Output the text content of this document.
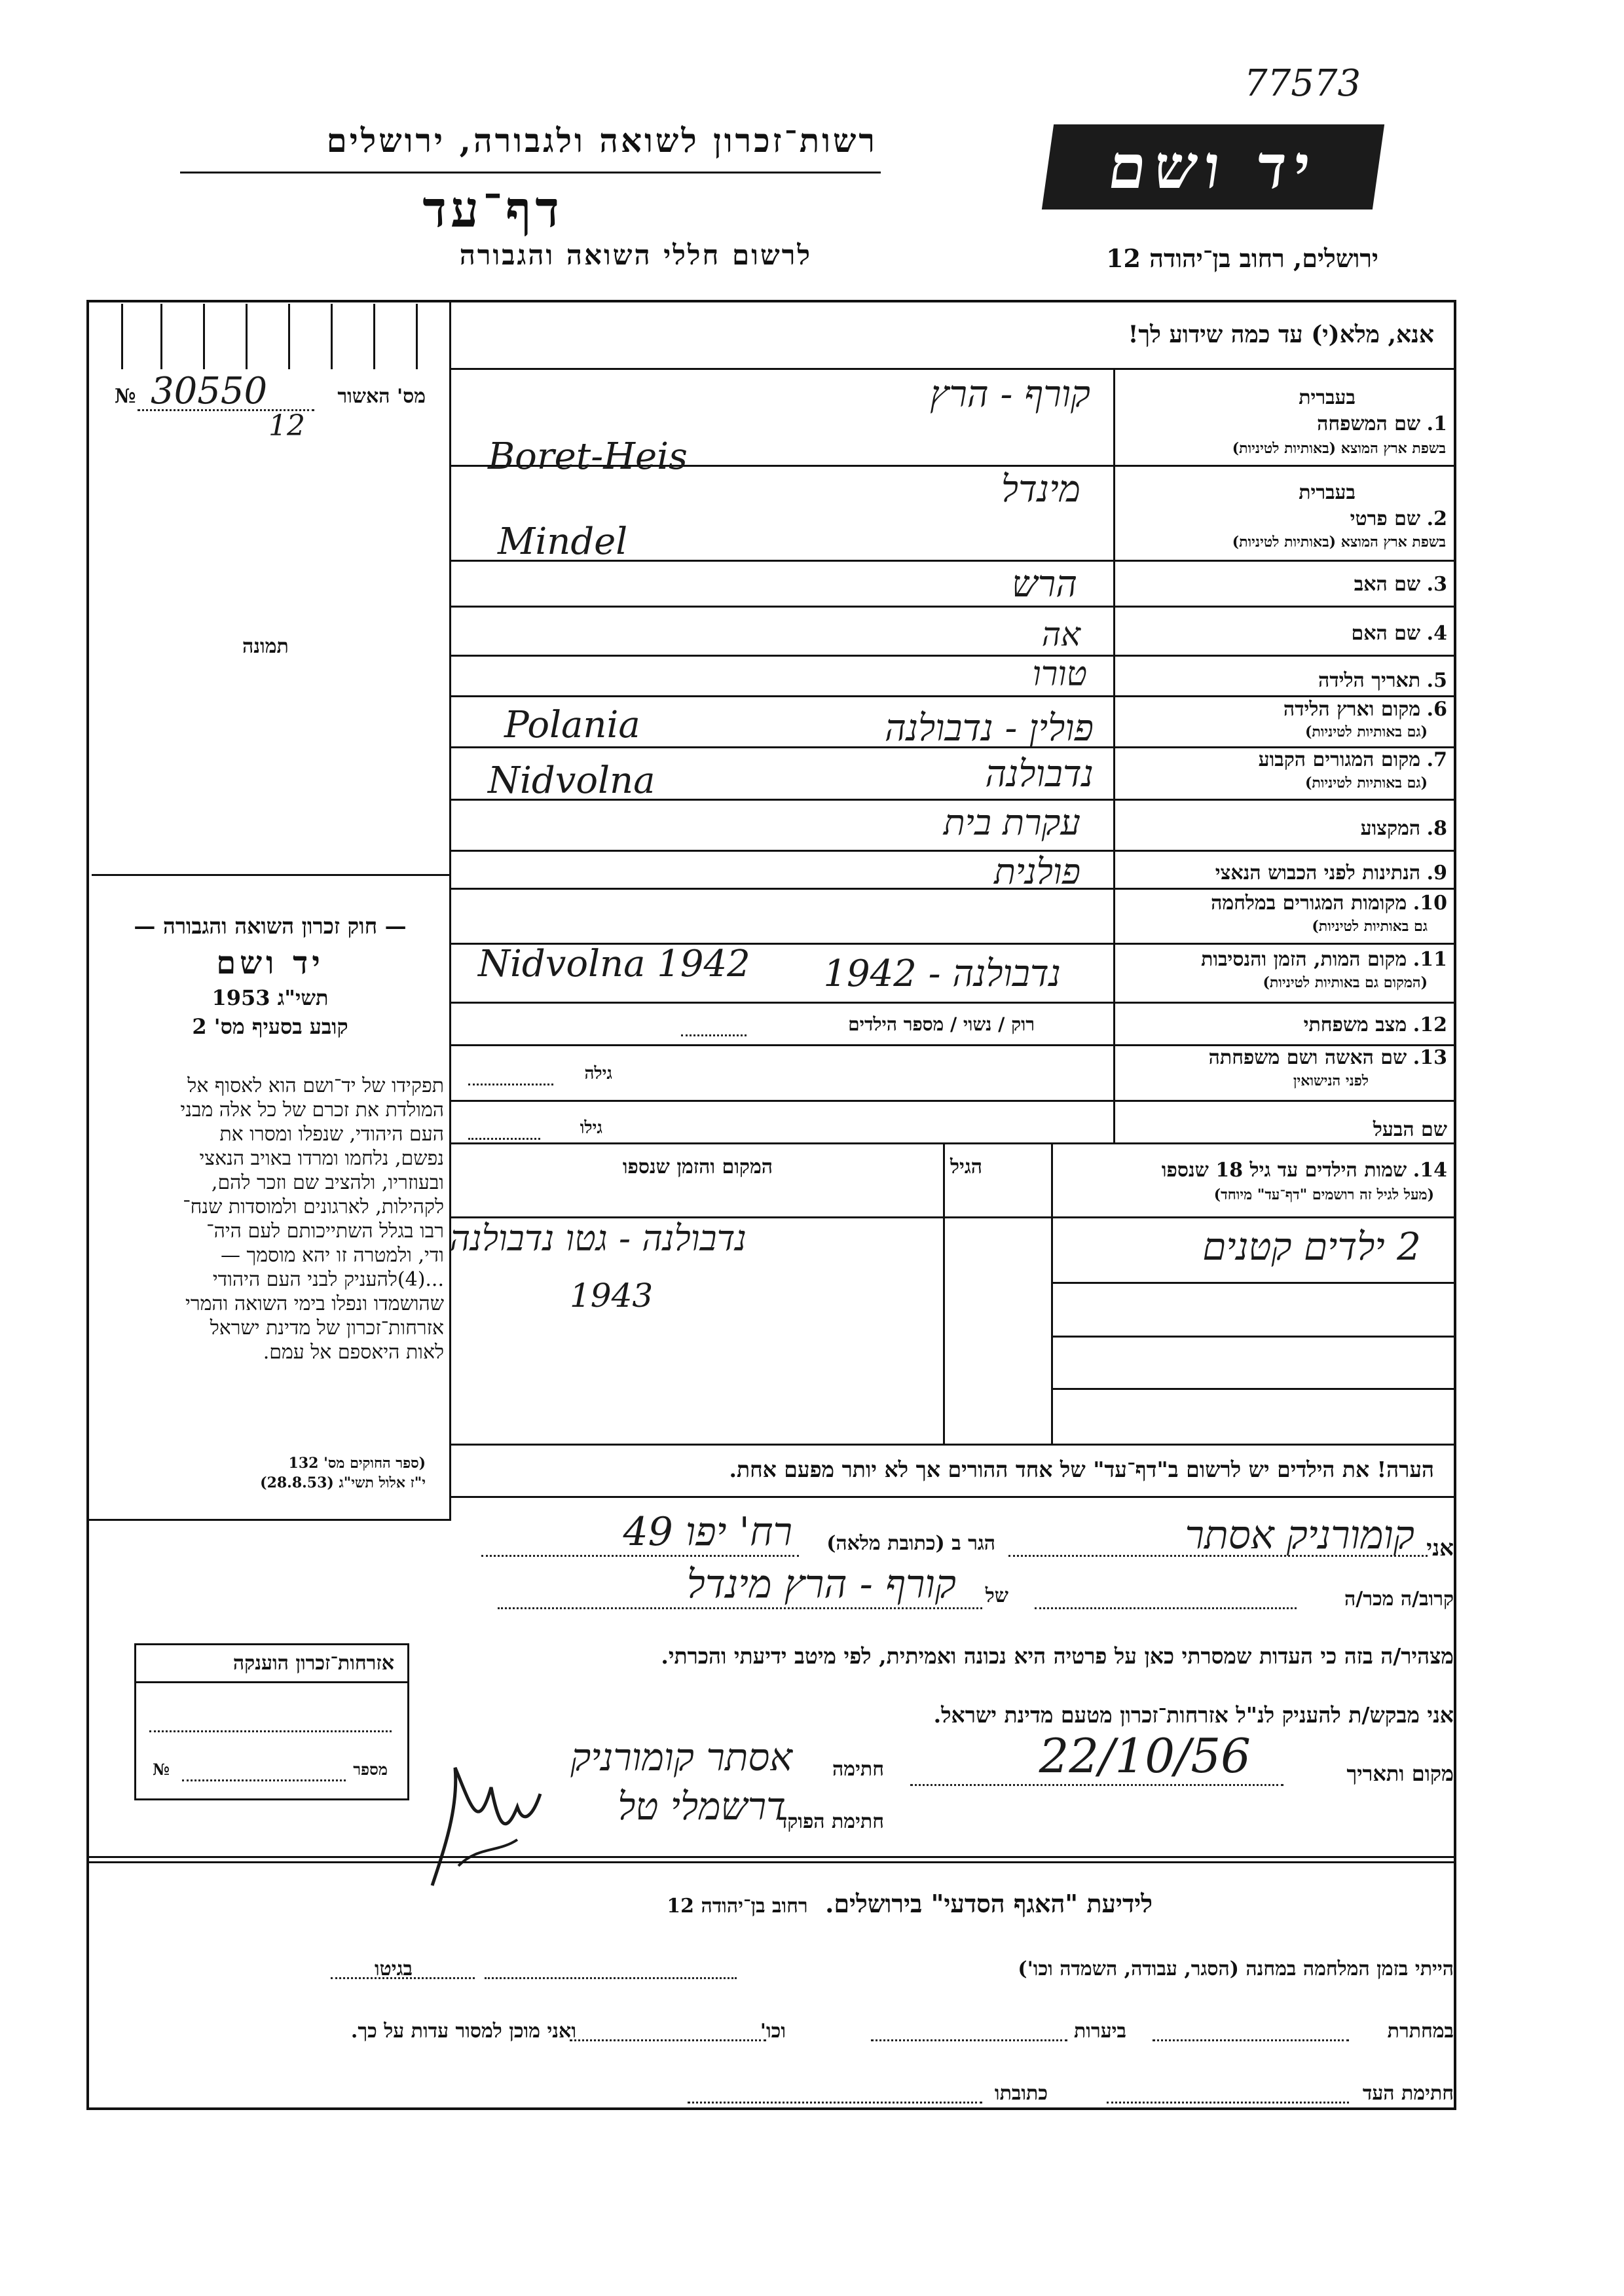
77573
רשות־זכרון לשואה ולגבורה, ירושלים
דף־עד
לרשום חללי השואה והגבורה
יד ושם
ירושלים, רחוב בן־יהודה 12
אנא, מלא(י) עד כמה שידוע לך!
מס' האשור
№ 30550
12
תמונה
— חוק זכרון השואה והגבורה —
יד ושם
תשי"ג 1953
קובע בסעיף מס' 2
תפקידו של יד־ושם הוא לאסוף אל
המולדת את זכרם של כל אלה מבני
העם היהודי, שנפלו ומסרו את
נפשם, נלחמו ומרדו באויב הנאצי
ובעוזריו, ולהציב שם וזכר להם,
לקהילות, לארגונים ולמוסדות שנח־
רבו בגלל השתייכותם לעם היה־
ודי, ולמטרה זו יהא מוסמך —
...(4)להעניק לבני העם היהודי
שהושמדו ונפלו בימי השואה והמרי
אזרחות־זכרון של מדינת ישראל
לאות היאספם אל עמם.
(ספר החוקים מס' 132
י"ז אלול תשי"ג (28.8.53)
בעברית
1. שם המשפחה
בשפת ארץ המוצא (באותיות לטיניות)
בעברית
2. שם פרטי
בשפת ארץ המוצא (באותיות לטיניות)
3. שם האב
4. שם האם
5. תאריך הלידה
6. מקום וארץ הלידה
(גם באותיות לטיניות)
7. מקום המגורים הקבוע
(גם באותיות לטיניות)
8. המקצוע
9. הנתינות לפני הכבוש הנאצי
10. מקומות המגורים במלחמה
גם באותיות לטיניות)
11. מקום המות, הזמן והנסיבות
(המקום גם באותיות לטיניות)
12. מצב משפחתי
רוק / נשוי / מספר הילדים
13. שם האשה ושם משפחתה
לפני הנישואין
גילה
שם הבעל
גילו
קורף - הרץ
Boret-Heis
מינדל
Mindel
הרש
אה
טורו
פולין - נדבולנה
Polania
נדבולנה
Nidvolna
עקרת בית
פולנית
נדבולנה - 1942
Nidvolna 1942
14. שמות הילדים עד גיל 18 שנספו
(מעל לגיל זה רושמים "דף־עד" מיוחד)
הגיל
המקום והזמן שנספו
2 ילדים קטנים
נדבולנה - גטו נדבולנה
1943
הערה! את הילדים יש לרשום ב"דף־עד" של אחד ההורים אך לא יותר מפעם אחת.
אני
קומורניק אסתר
הגר ב (כתובת מלאה)
רח' יפו 49
קרוב/ה מכר/ה
של
קורף - הרץ מינדל
מצהיר/ה בזה כי העדות שמסרתי כאן על פרטיה היא נכונה ואמיתית, לפי מיטב ידיעתי והכרתי.
אני מבקש/ת להעניק לנ"ל אזרחות־זכרון מטעם מדינת ישראל.
מקום ותאריך
22/10/56
חתימה
אסתר קומורניק
חתימת הפוקד
דרשמלי טל
אזרחות־זכרון הוענקה
מספר
№
לידיעת "האגף הסדעי" בירושלים.  רחוב בן־יהודה 12
הייתי בזמן המלחמה במחנה (הסגר, עבודה, השמדה וכו')
בגיטו
במחתרת
ביערות
וכו'
ואני מוכן למסור עדות על כך.
חתימת העד
כתובתו
